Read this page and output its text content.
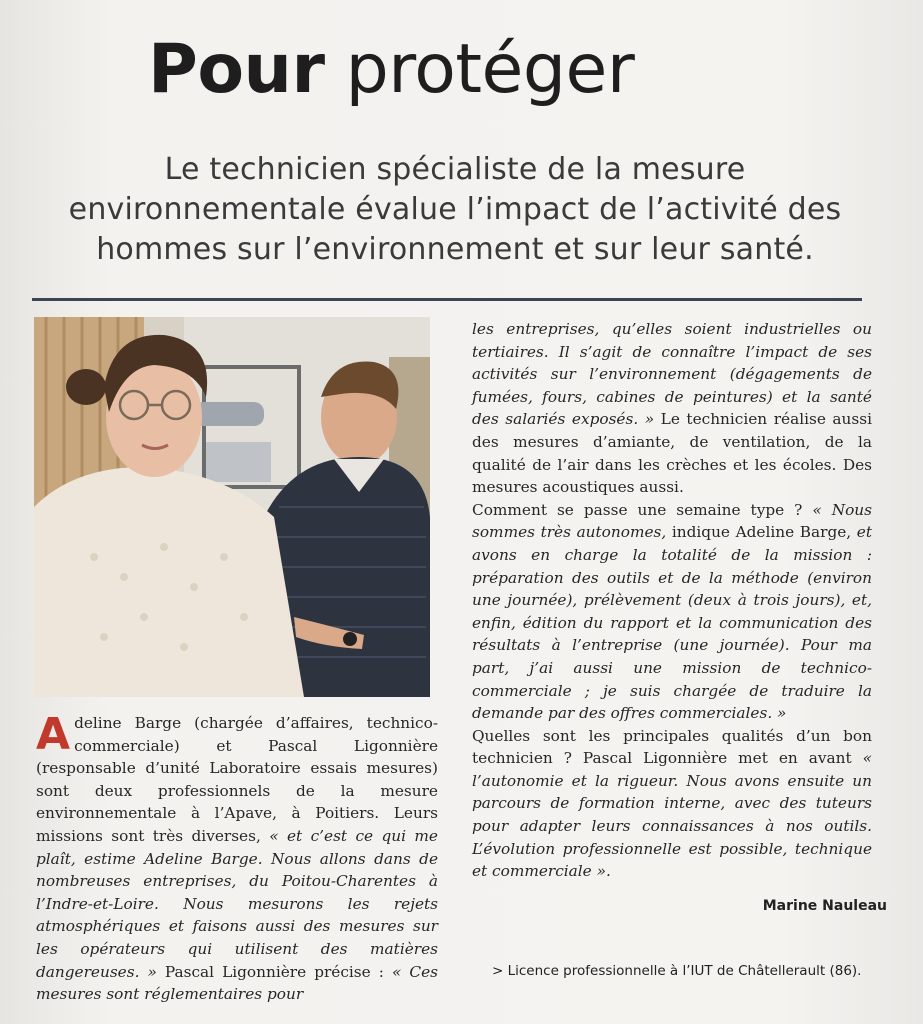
Pour protéger
Le technicien spécialiste de la mesure environnementale évalue l’impact de l’activité des hommes sur l’environnement et sur leur santé.

Adeline Barge (chargée d’affaires, technico-commerciale) et Pascal Ligonnière (responsable d’unité Laboratoire essais mesures) sont deux professionnels de la mesure environnementale à l’Apave, à Poitiers. Leurs missions sont très diverses, « et c’est ce qui me plaît, estime Adeline Barge. Nous allons dans de nombreuses entreprises, du Poitou-Charentes à l’Indre-et-Loire. Nous mesurons les rejets atmosphériques et faisons aussi des mesures sur les opérateurs qui utilisent des matières dangereuses. » Pascal Ligonnière précise : « Ces mesures sont réglementaires pour

les entreprises, qu’elles soient industrielles ou tertiaires. Il s’agit de connaître l’impact de ses activités sur l’environnement (dégagements de fumées, fours, cabines de peintures) et la santé des salariés exposés. » Le technicien réalise aussi des mesures d’amiante, de ventilation, de la qualité de l’air dans les crèches et les écoles. Des mesures acoustiques aussi.

Comment se passe une semaine type ? « Nous sommes très autonomes, indique Adeline Barge, et avons en charge la totalité de la mission : préparation des outils et de la méthode (environ une journée), prélèvement (deux à trois jours), et, enfin, édition du rapport et la communication des résultats à l’entreprise (une journée). Pour ma part, j’ai aussi une mission de technico-commerciale ; je suis chargée de traduire la demande par des offres commerciales. »

Quelles sont les principales qualités d’un bon technicien ? Pascal Ligonnière met en avant « l’autonomie et la rigueur. Nous avons ensuite un parcours de formation interne, avec des tuteurs pour adapter leurs connaissances à nos outils. L’évolution professionnelle est possible, technique et commerciale ».

Marine Nauleau
> Licence professionnelle à l’IUT de Châtellerault (86).
